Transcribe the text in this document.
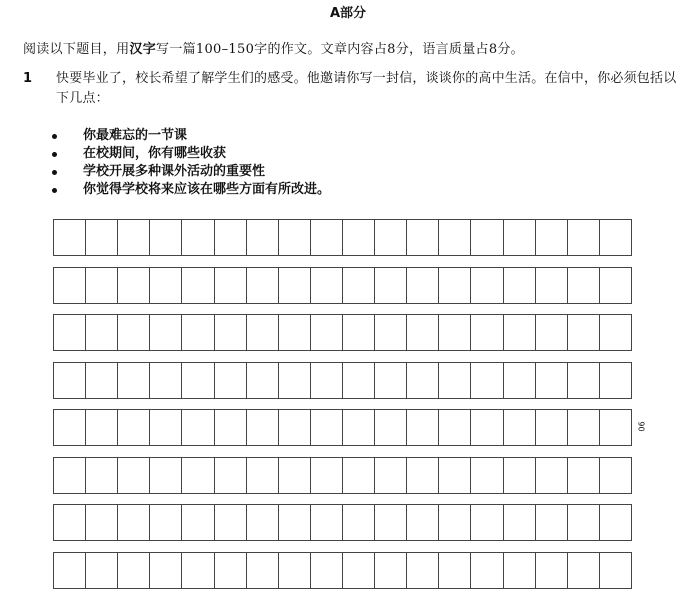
A部分
阅读以下题目，用汉字写一篇100–150字的作文。文章内容占8分，语言质量占8分。
1 快要毕业了，校长希望了解学生们的感受。他邀请你写一封信，谈谈你的高中生活。在信中，你必须包括以下几点：
你最难忘的一节课
在校期间，你有哪些收获
学校开展多种课外活动的重要性
你觉得学校将来应该在哪些方面有所改进。
90
